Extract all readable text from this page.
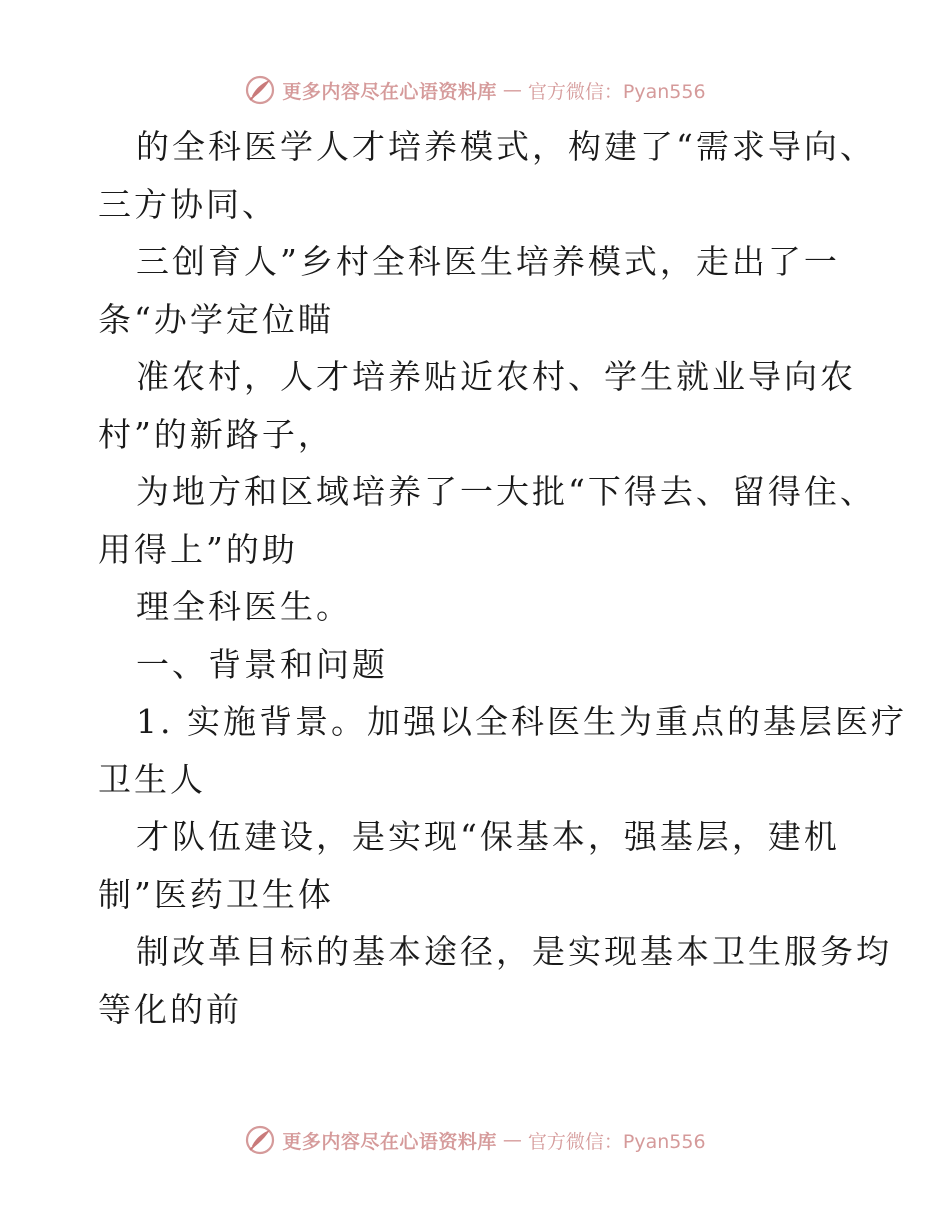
更多内容尽在心语资料库 — 官方微信：Pyan556
的全科医学人才培养模式，构建了“需求导向、
三方协同、
三创育人”乡村全科医生培养模式，走出了一
条“办学定位瞄
准农村，人才培养贴近农村、学生就业导向农
村”的新路子，
为地方和区域培养了一大批“下得去、留得住、
用得上”的助
理全科医生。
一、背景和问题
1. 实施背景。加强以全科医生为重点的基层医疗
卫生人
才队伍建设，是实现“保基本，强基层，建机
制”医药卫生体
制改革目标的基本途径，是实现基本卫生服务均
等化的前
更多内容尽在心语资料库 — 官方微信：Pyan556
